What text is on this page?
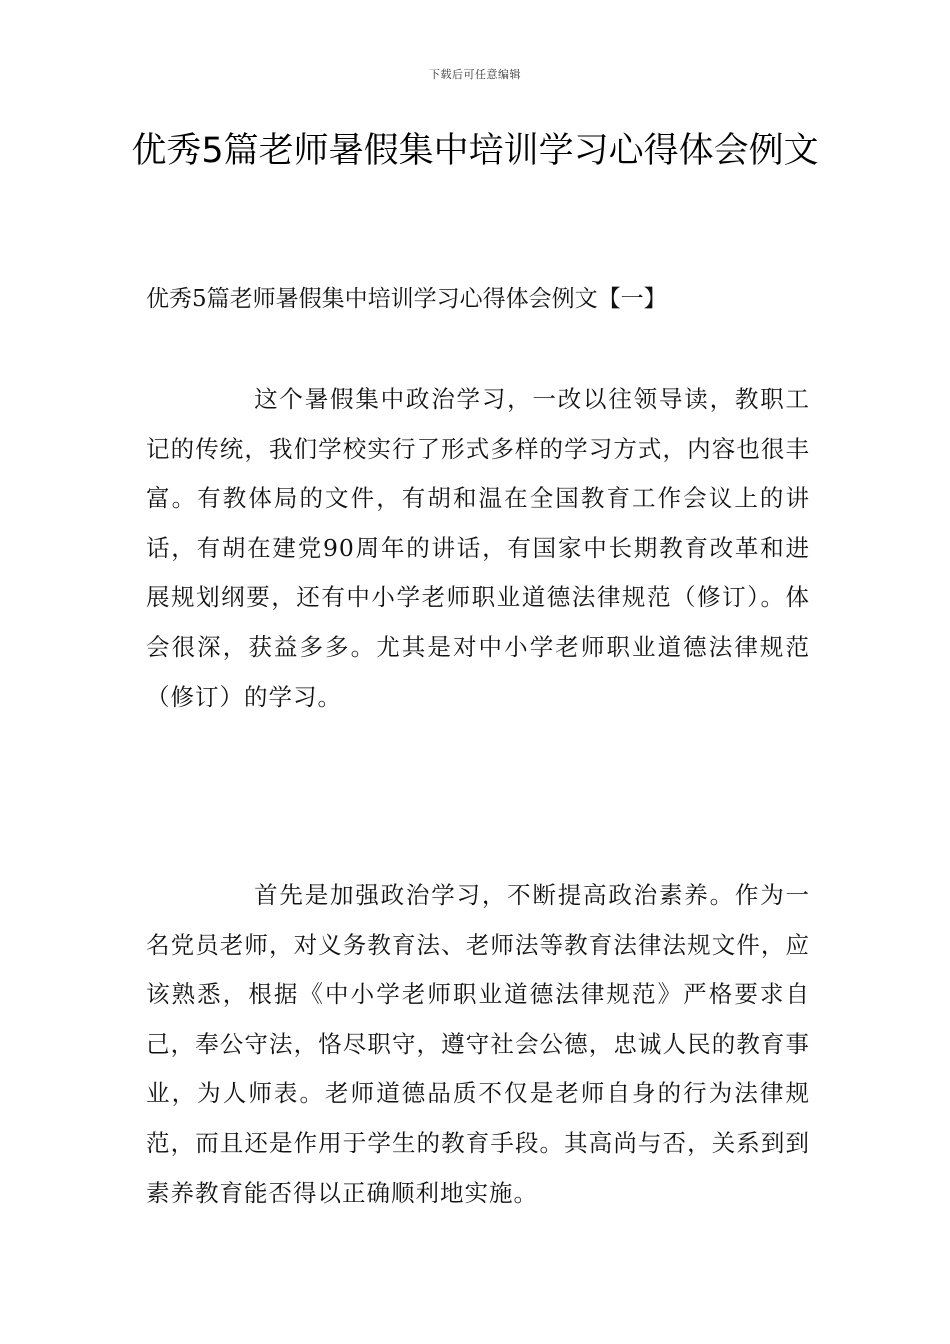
下载后可任意编辑
优秀5篇老师暑假集中培训学习心得体会例文
优秀5篇老师暑假集中培训学习心得体会例文【一】
这个暑假集中政治学习，一改以往领导读，教职工记的传统，我们学校实行了形式多样的学习方式，内容也很丰富。有教体局的文件，有胡和温在全国教育工作会议上的讲话，有胡在建党90周年的讲话，有国家中长期教育改革和进展规划纲要，还有中小学老师职业道德法律规范（修订）。体会很深，获益多多。尤其是对中小学老师职业道德法律规范（修订）的学习。
首先是加强政治学习，不断提高政治素养。作为一名党员老师，对义务教育法、老师法等教育法律法规文件，应该熟悉，根据《中小学老师职业道德法律规范》严格要求自己，奉公守法，恪尽职守，遵守社会公德，忠诚人民的教育事业，为人师表。老师道德品质不仅是老师自身的行为法律规范，而且还是作用于学生的教育手段。其高尚与否，关系到到素养教育能否得以正确顺利地实施。
